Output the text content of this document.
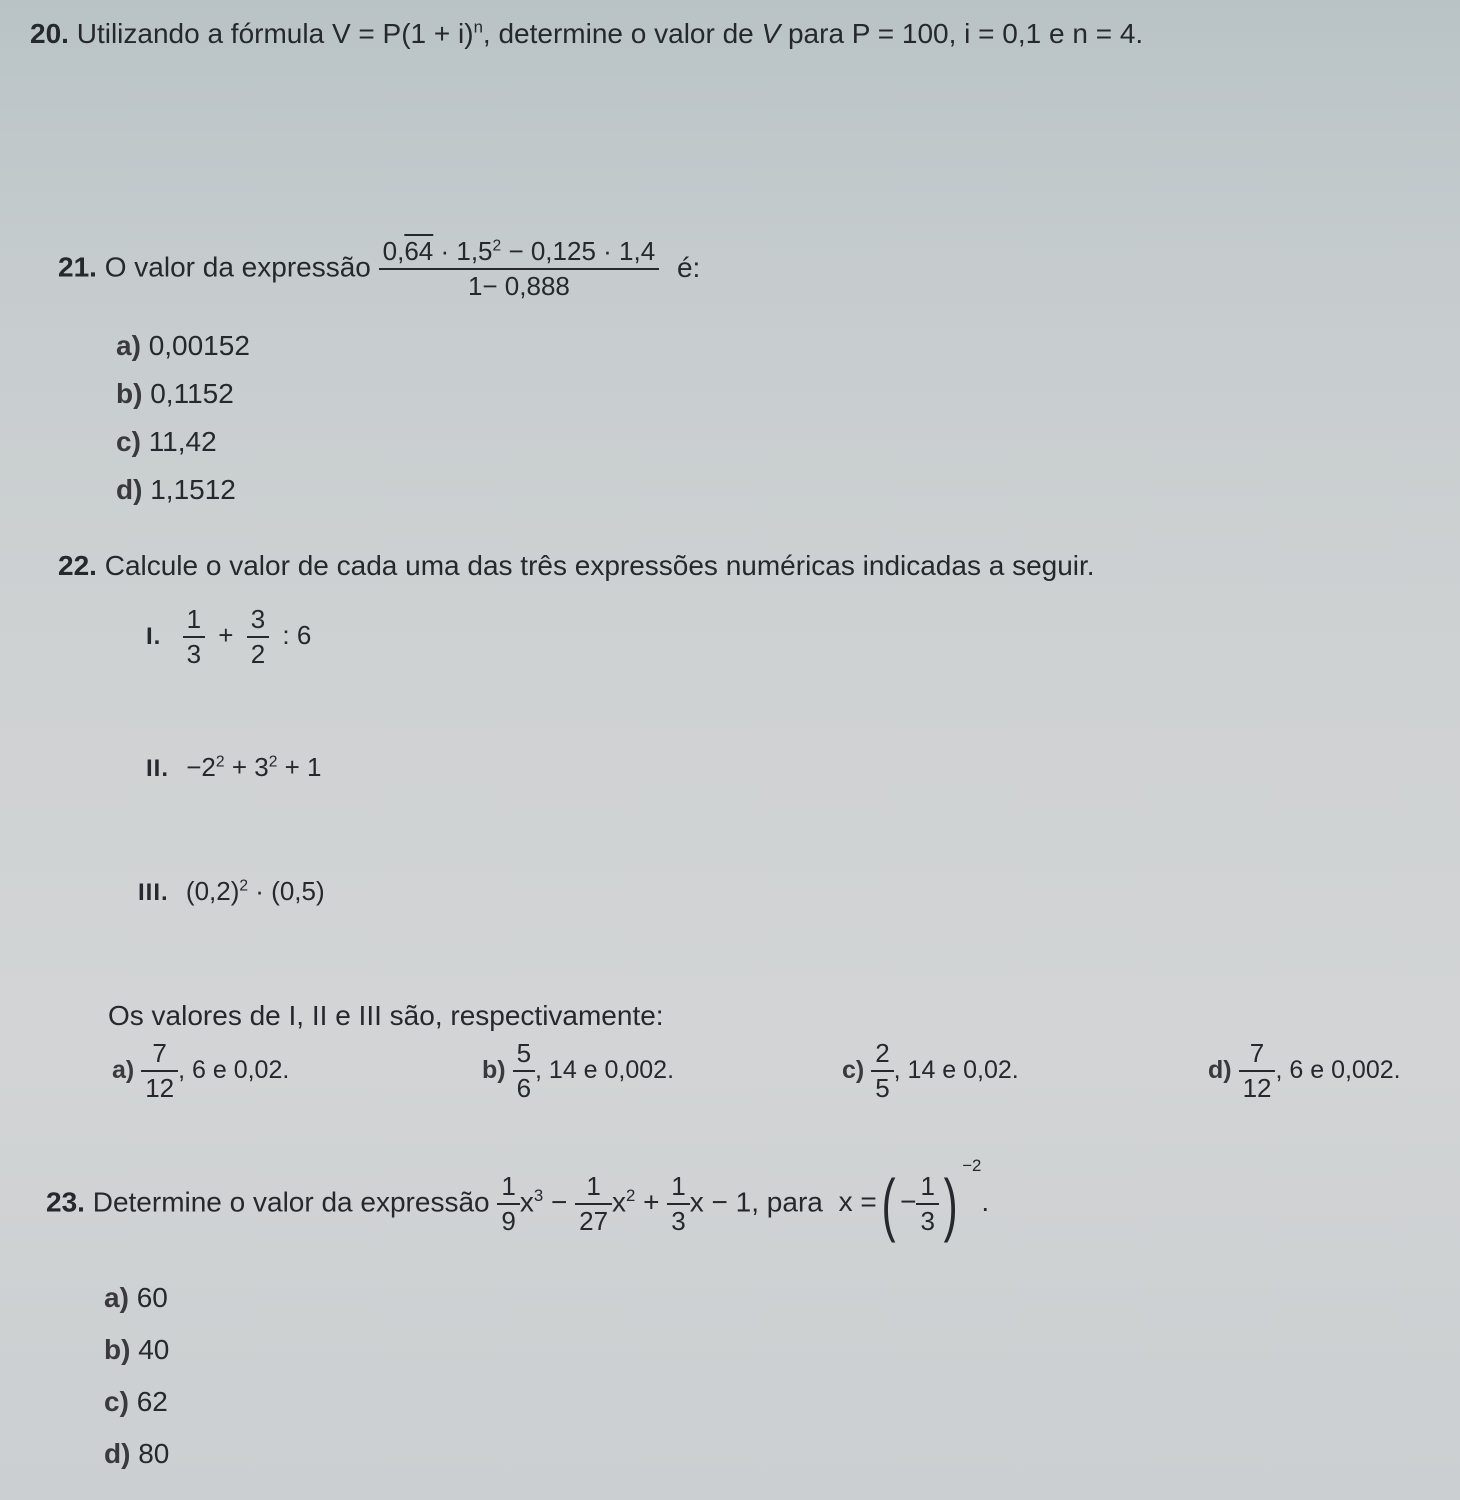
20. Utilizando a fórmula $V = P(1 + i)^n$, determine o valor de V para P = 100, i = 0,1 e n = 4.
21. O valor da expressão $\frac{0,64 \cdot 1,5^2 - 0,125 \cdot 1,4}{1- 0,888}$ é:
a) 0,00152
b) 0,1152
c) 11,42
d) 1,1512
22. Calcule o valor de cada uma das três expressões numéricas indicadas a seguir.
I. $\frac{1}{3} + \frac{3}{2}$ : 6
II. $-2^2 + 3^2 + 1$
III. $(0,2)^2 \cdot (0,5)$
Os valores de I, II e III são, respectivamente:
$a) \frac{7}{12}$ , 6 e 0,02.	$b) \frac{5}{6}$ , 14 e 0,002.	$c) \frac{2}{5}$ , 14 e 0,02.	$d) \frac{7}{12}$ , 6 e 0,002.
23. Determine o valor da expressão $\frac{1}{9} x^3 - \frac{1}{27} x^2 + \frac{1}{3}$ x − 1, para x =( − $\frac{1}{3}$ ) $^{-2}$.
a) 60
b) 40
c) 62
d) 80
